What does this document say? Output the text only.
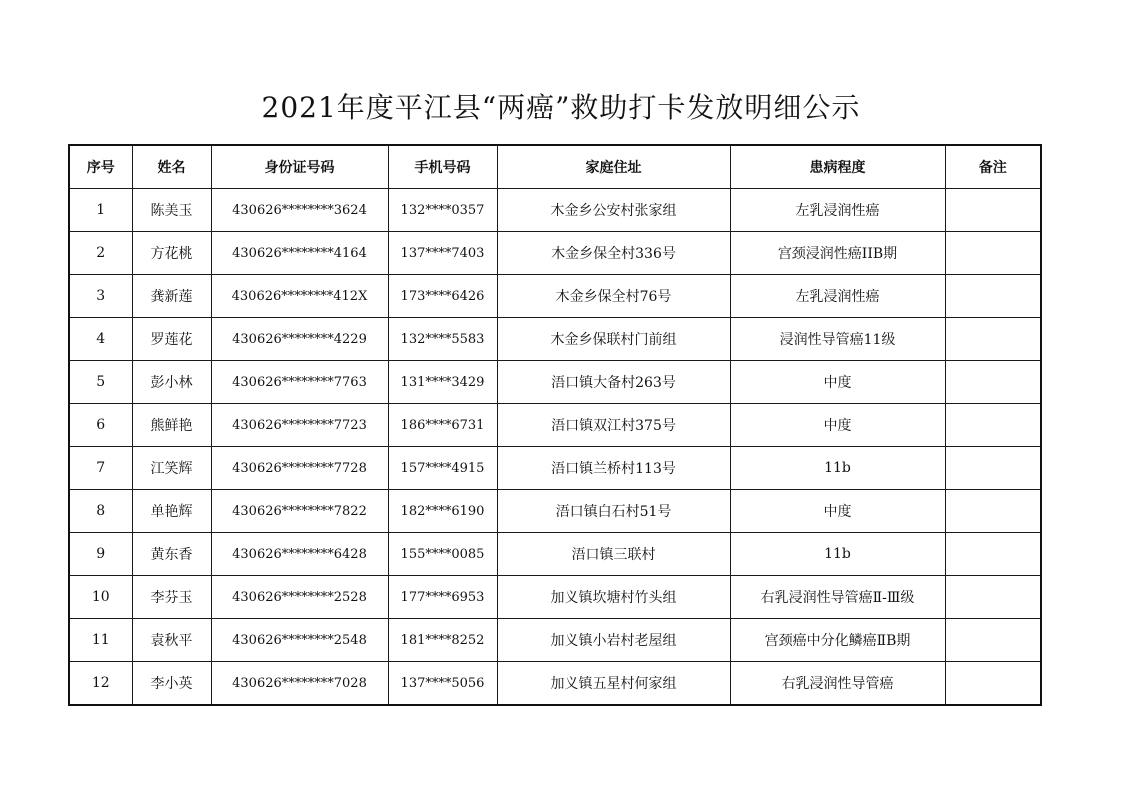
2021年度平江县“两癌”救助打卡发放明细公示
序号	姓名	身份证号码	手机号码	家庭住址	患病程度	备注
1	陈美玉	430626********3624	132****0357	木金乡公安村张家组	左乳浸润性癌	
2	方花桃	430626********4164	137****7403	木金乡保全村336号	宫颈浸润性癌IIB期	
3	龚新莲	430626********412X	173****6426	木金乡保全村76号	左乳浸润性癌	
4	罗莲花	430626********4229	132****5583	木金乡保联村门前组	浸润性导管癌11级	
5	彭小林	430626********7763	131****3429	浯口镇大备村263号	中度	
6	熊鲜艳	430626********7723	186****6731	浯口镇双江村375号	中度	
7	江笑辉	430626********7728	157****4915	浯口镇兰桥村113号	11b	
8	单艳辉	430626********7822	182****6190	浯口镇白石村51号	中度	
9	黄东香	430626********6428	155****0085	浯口镇三联村	11b	
10	李芬玉	430626********2528	177****6953	加义镇坎塘村竹头组	右乳浸润性导管癌Ⅱ-Ⅲ级	
11	袁秋平	430626********2548	181****8252	加义镇小岩村老屋组	宫颈癌中分化鳞癌ⅡB期	
12	李小英	430626********7028	137****5056	加义镇五星村何家组	右乳浸润性导管癌	
